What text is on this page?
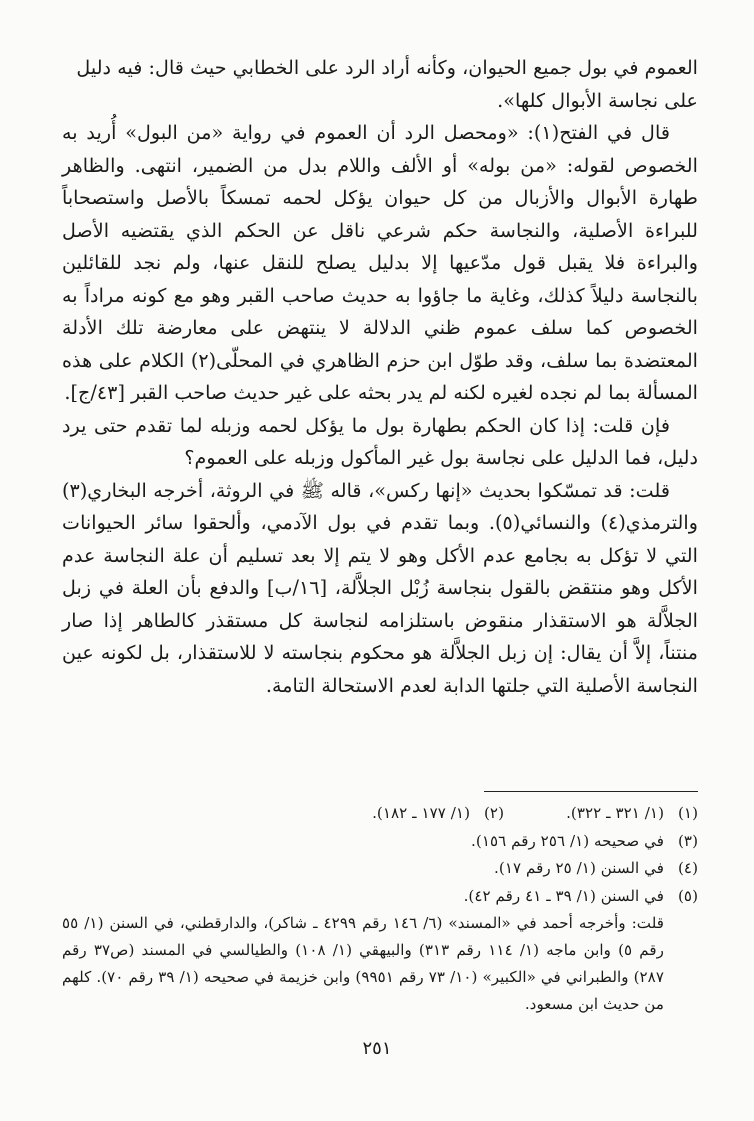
العموم في بول جميع الحيوان، وكأنه أراد الرد على الخطابي حيث قال: فيه دليل

على نجاسة الأبوال كلها».

قال في الفتح(١): «ومحصل الرد أن العموم في رواية «من البول» أُريد به الخصوص لقوله: «من بوله» أو الألف واللام بدل من الضمير، انتهى. والظاهر طهارة الأبوال والأزبال من كل حيوان يؤكل لحمه تمسكاً بالأصل واستصحاباً للبراءة الأصلية، والنجاسة حكم شرعي ناقل عن الحكم الذي يقتضيه الأصل والبراءة فلا يقبل قول مدّعيها إلا بدليل يصلح للنقل عنها، ولم نجد للقائلين بالنجاسة دليلاً كذلك، وغاية ما جاؤوا به حديث صاحب القبر وهو مع كونه مراداً به الخصوص كما سلف عموم ظني الدلالة لا ينتهض على معارضة تلك الأدلة المعتضدة بما سلف، وقد طوّل ابن حزم الظاهري في المحلّى(٢) الكلام على هذه المسألة بما لم نجده لغيره لكنه لم يدر بحثه على غير حديث صاحب القبر [٤٣/ج].

فإن قلت: إذا كان الحكم بطهارة بول ما يؤكل لحمه وزبله لما تقدم حتى يرد دليل، فما الدليل على نجاسة بول غير المأكول وزبله على العموم؟

قلت: قد تمسّكوا بحديث «إنها ركس»، قاله ﷺ في الروثة، أخرجه البخاري(٣) والترمذي(٤) والنسائي(٥). وبما تقدم في بول الآدمي، وألحقوا سائر الحيوانات التي لا تؤكل به بجامع عدم الأكل وهو لا يتم إلا بعد تسليم أن علة النجاسة عدم الأكل وهو منتقض بالقول بنجاسة زُبْل الجلاَّلة، [١٦/ب] والدفع بأن العلة في زبل الجلاَّلة هو الاستقذار منقوض باستلزامه لنجاسة كل مستقذر كالطاهر إذا صار منتناً، إلاَّ أن يقال: إن زبل الجلاَّلة هو محكوم بنجاسته لا للاستقذار، بل لكونه عين النجاسة الأصلية التي جلتها الدابة لعدم الاستحالة التامة.

(١)
(١/ ٣٢١ ـ ٣٢٢).
(٢)
(١/ ١٧٧ ـ ١٨٢).
(٣)
في صحيحه (١/ ٢٥٦ رقم ١٥٦).
(٤)
في السنن (١/ ٢٥ رقم ١٧).
(٥)
في السنن (١/ ٣٩ ـ ٤١ رقم ٤٢).
قلت: وأخرجه أحمد في «المسند» (٦/ ١٤٦ رقم ٤٢٩٩ ـ شاكر)، والدارقطني، في السنن (١/ ٥٥ رقم ٥) وابن ماجه (١/ ١١٤ رقم ٣١٣) والبيهقي (١/ ١٠٨) والطيالسي في المسند (ص٣٧ رقم ٢٨٧) والطبراني في «الكبير» (١٠/ ٧٣ رقم ٩٩٥١) وابن خزيمة في صحيحه (١/ ٣٩ رقم ٧٠). كلهم من حديث ابن مسعود.
٢٥١
